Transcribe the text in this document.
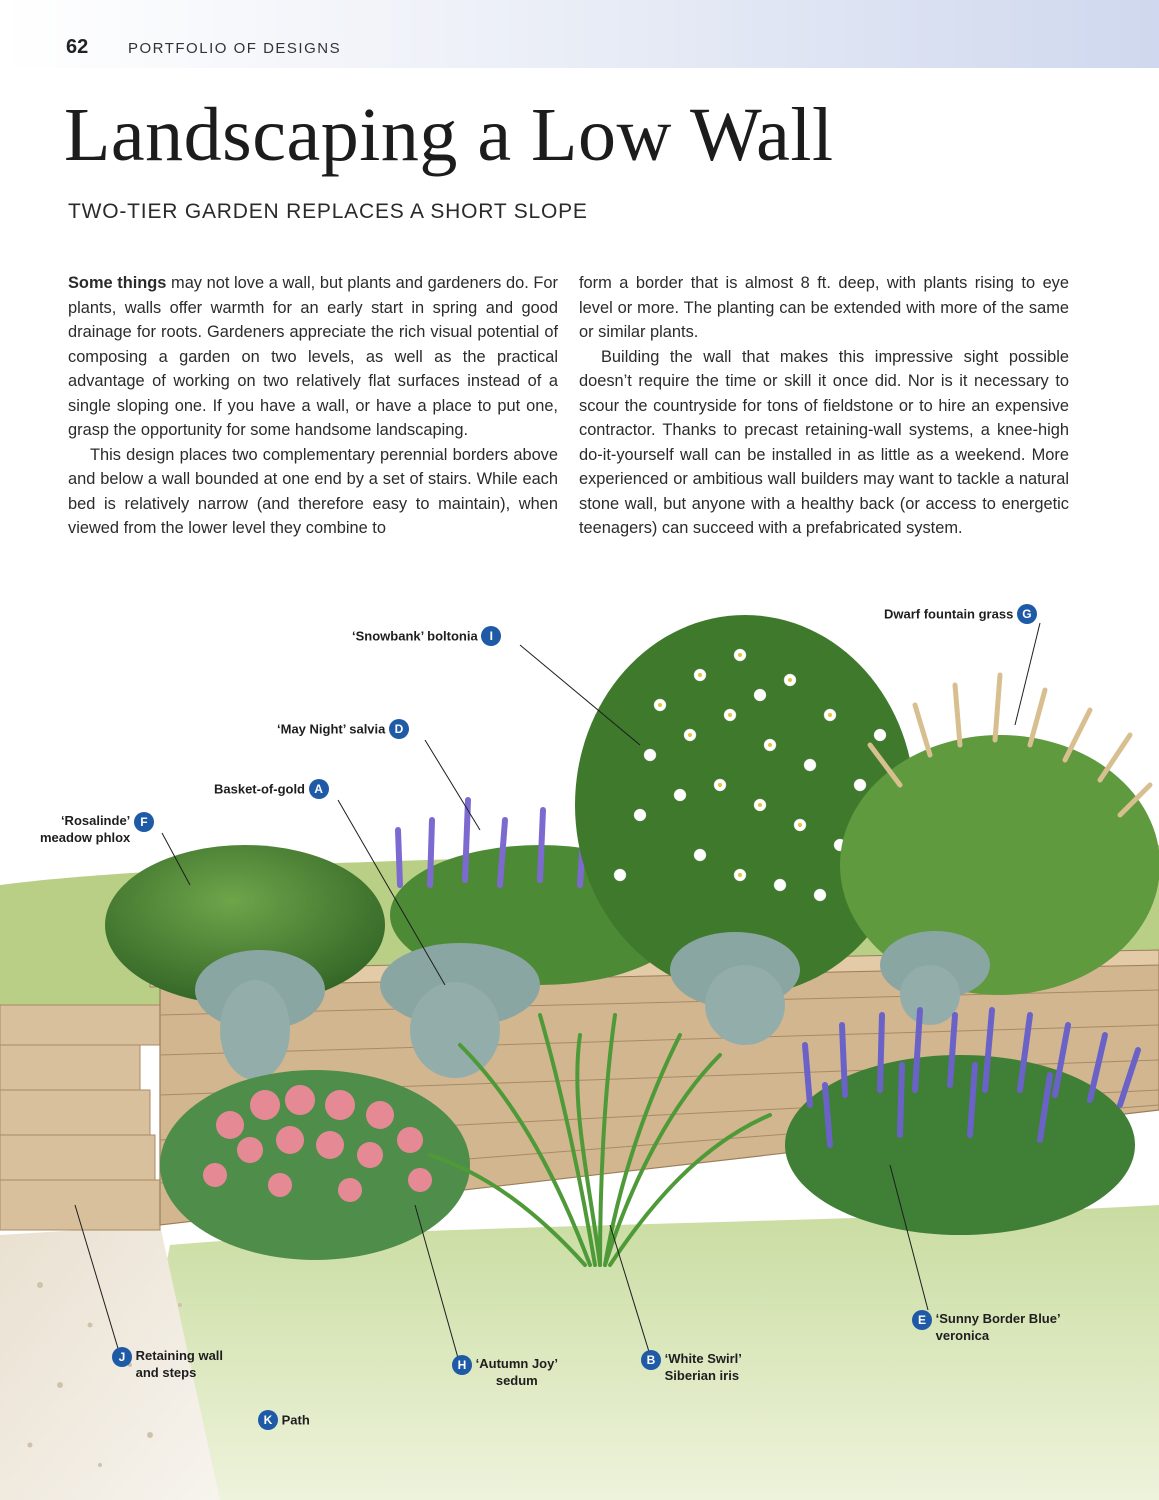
62	PORTFOLIO OF DESIGNS
Landscaping a Low Wall
TWO-TIER GARDEN REPLACES A SHORT SLOPE

Some things may not love a wall, but plants and gardeners do. For plants, walls offer warmth for an early start in spring and good drainage for roots. Gardeners appreciate the rich visual potential of composing a garden on two levels, as well as the practical advantage of working on two relatively flat surfaces instead of a single sloping one. If you have a wall, or have a place to put one, grasp the opportunity for some handsome landscaping.

This design places two complementary perennial borders above and below a wall bounded at one end by a set of stairs. While each bed is relatively narrow (and therefore easy to maintain), when viewed from the lower level they combine to

form a border that is almost 8 ft. deep, with plants rising to eye level or more. The planting can be extended with more of the same or similar plants.

Building the wall that makes this impressive sight possible doesn’t require the time or skill it once did. Nor is it necessary to scour the countryside for tons of fieldstone or to hire an expensive contractor. Thanks to precast retaining-wall systems, a knee-high do-it-yourself wall can be installed in as little as a weekend. More experienced or ambitious wall builders may want to tackle a natural stone wall, but anyone with a healthy back (or access to energetic teenagers) can succeed with a prefabricated system.

‘Snowbank’ boltonia I
Dwarf fountain grass G
‘May Night’ salvia D
Basket-of-gold A
‘Rosalinde’
meadow phlox
F
E ‘Sunny Border Blue’
veronica
B ‘White Swirl’
Siberian iris
H ‘Autumn Joy’
sedum
J Retaining wall
and steps
K Path
